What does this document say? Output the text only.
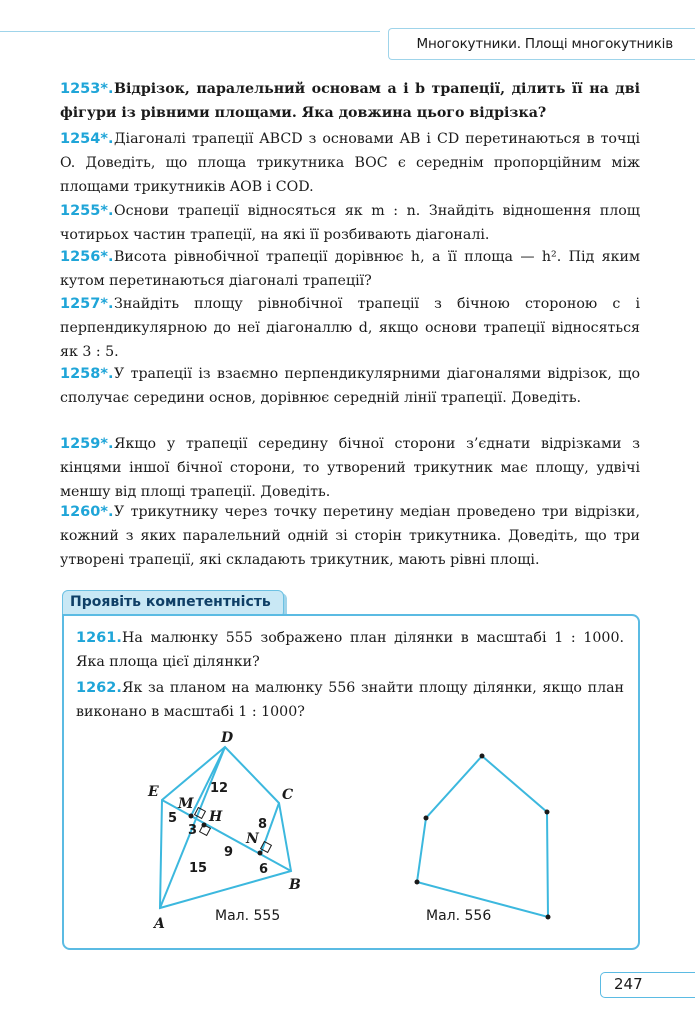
Многокутники. Площі многокутників
1253*. Відрізок, паралельний основам a і b трапеції, ділить її на дві фігури із рівними площами. Яка довжина цього відрізка?
1254*. Діагоналі трапеції ABCD з основами AB і CD перетинаються в точці O. Доведіть, що площа трикутника BOC є середнім пропорційним між площами трикутників AOB і COD.
1255*. Основи трапеції відносяться як m : n. Знайдіть відношення площ чотирьох частин трапеції, на які її розбивають діагоналі.
1256*. Висота рівнобічної трапеції дорівнює h, а її площа — h². Під яким кутом перетинаються діагоналі трапеції?
1257*. Знайдіть площу рівнобічної трапеції з бічною стороною c і перпендикулярною до неї діагоналлю d, якщо основи трапеції відносяться як 3 : 5.
1258*. У трапеції із взаємно перпендикулярними діагоналями відрізок, що сполучає середини основ, дорівнює середній лінії трапеції. Доведіть.
1259*. Якщо у трапеції середину бічної сторони з’єднати відрізками з кінцями іншої бічної сторони, то утворений трикутник має площу, удвічі меншу від площі трапеції. Доведіть.
1260*. У трикутнику через точку перетину медіан проведено три відрізки, кожний з яких паралельний одній зі сторін трикутника. Доведіть, що три утворені трапеції, які складають трикутник, мають рівні площі.
Проявіть компетентність
1261. На малюнку 555 зображено план ділянки в масштабі 1 : 1000. Яка площа цієї ділянки?
1262. Як за планом на малюнку 556 знайти площу ділянки, якщо план виконано в масштабі 1 : 1000?
D
E	C
M
H
N
B
A
12
5
3	8
9
6
15
Мал. 555	Мал. 556
247
